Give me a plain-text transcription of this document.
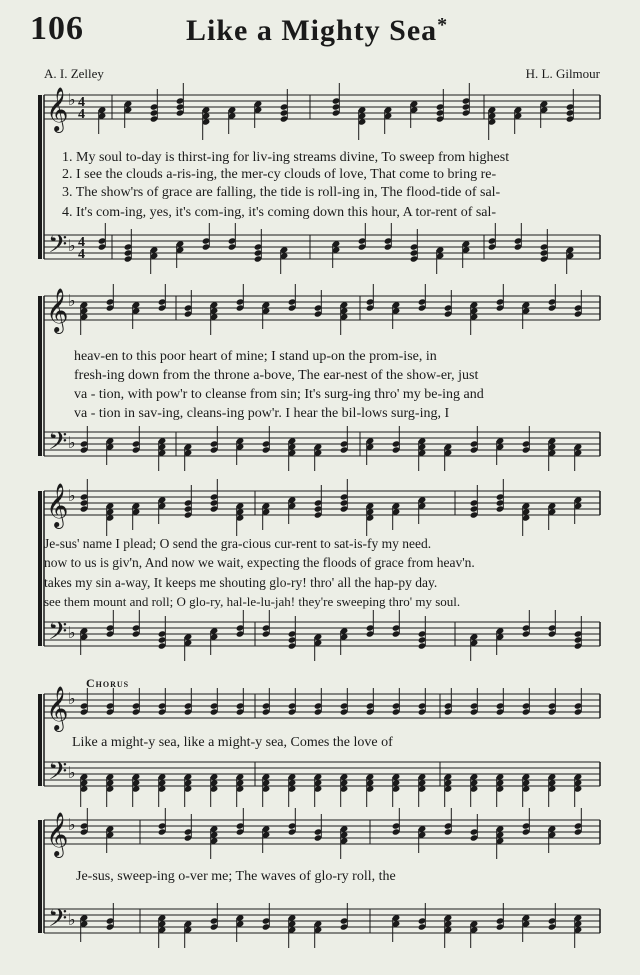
106	Like a Mighty Sea*
A. I. Zelley	H. L. Gilmour
Chorus
𝄞
𝄢
♭
♭
4
4
4
4
𝄞
𝄢
♭
♭
𝄞
𝄢
♭
♭
𝄞
𝄢
♭
♭
𝄞
𝄢
♭
♭
1. My soul to-day is thirst-ing for liv-ing streams divine, To sweep from highest
2. I see the clouds a-ris-ing, the mer-cy clouds of love, That come to bring re-
3. The show'rs of grace are falling, the tide is roll-ing in, The flood-tide of sal-
4. It's com-ing, yes, it's com-ing, it's coming down this hour, A tor-rent of sal-
heav-en to this poor heart of mine; I stand up-on the prom-ise, in
fresh-ing down from the throne a-bove, The ear-nest of the show-er, just
va - tion, with pow'r to cleanse from sin; It's surg-ing thro' my be-ing and
va - tion in sav-ing, cleans-ing pow'r. I hear the bil-lows surg-ing, I
Je-sus' name I plead; O send the gra-cious cur-rent to sat-is-fy my need.
now to us is giv'n, And now we wait, expecting the floods of grace from heav'n.
takes my sin a-way, It keeps me shouting glo-ry! thro' all the hap-py day.
see them mount and roll; O glo-ry, hal-le-lu-jah! they're sweeping thro' my soul.
Like a might-y sea, like a might-y sea, Comes the love of
Je-sus, sweep-ing o-ver me; The waves of glo-ry roll, the
